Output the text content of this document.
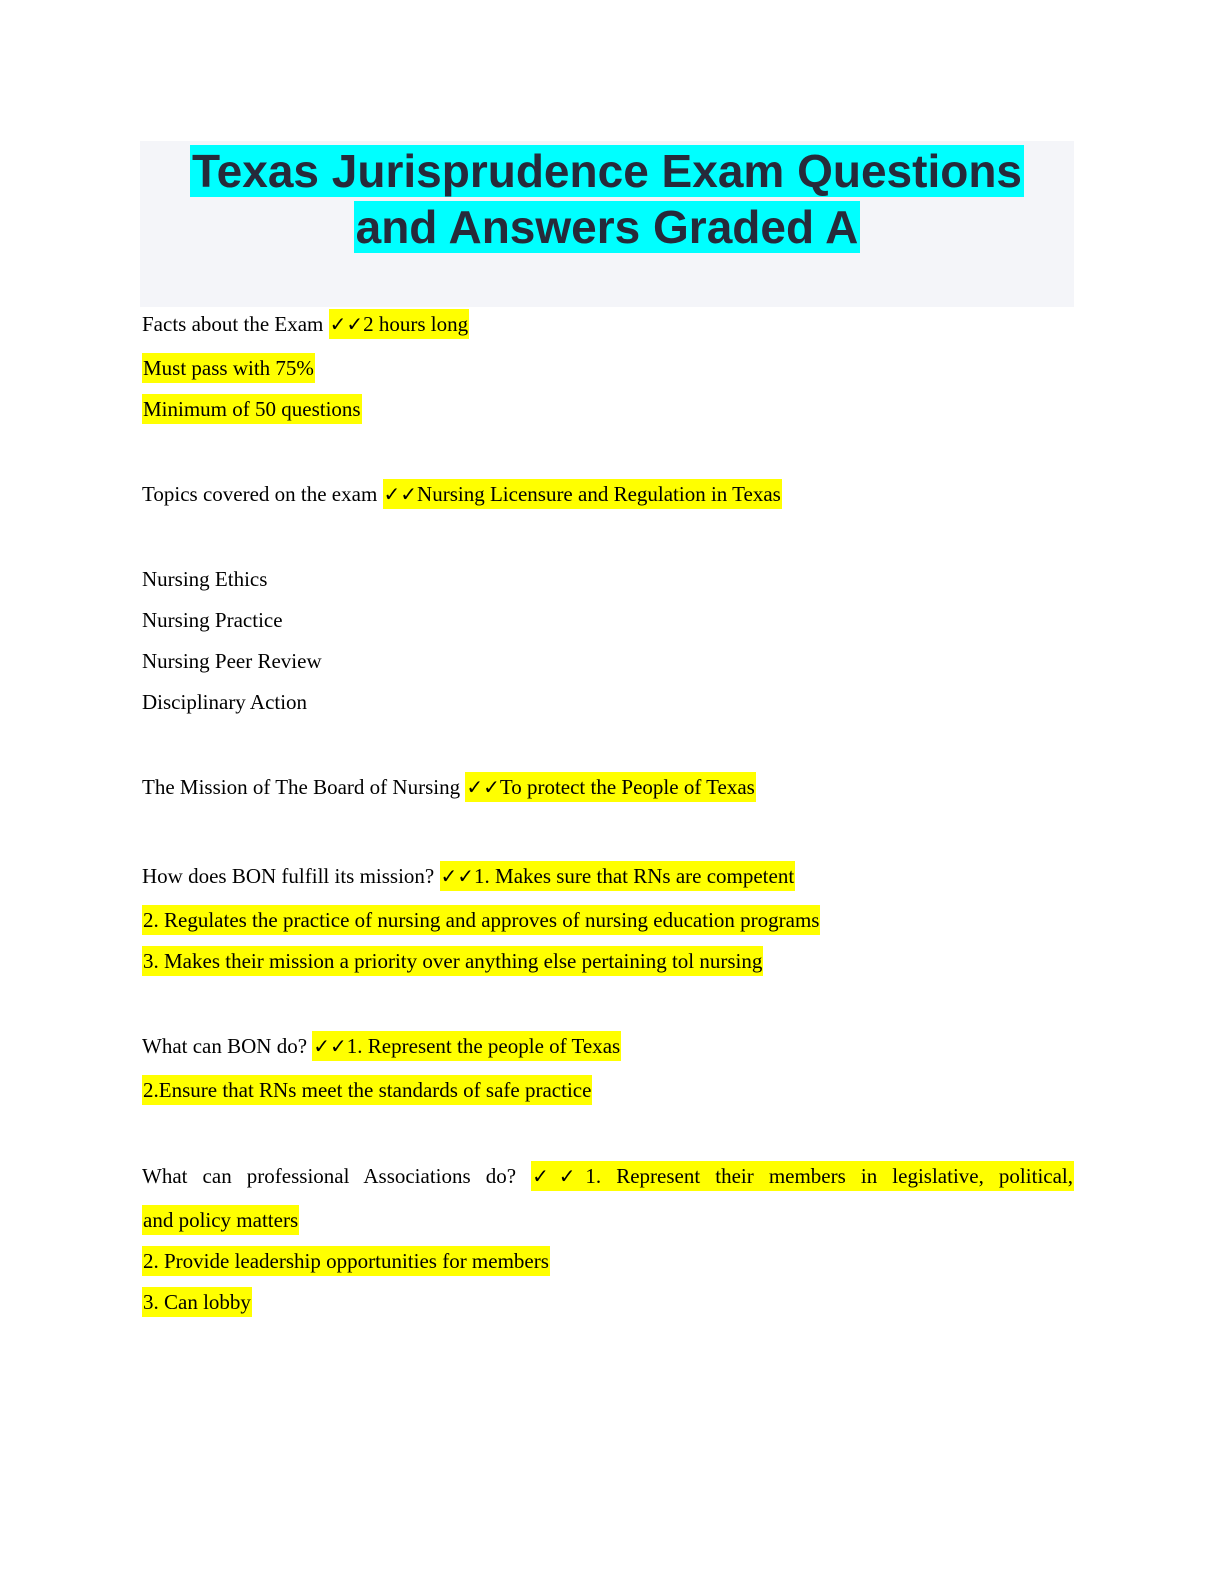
Texas Jurisprudence Exam Questions
and Answers Graded A
Facts about the Exam ✓✓2 hours long
Must pass with 75%
Minimum of 50 questions
Topics covered on the exam ✓✓Nursing Licensure and Regulation in Texas
Nursing Ethics
Nursing Practice
Nursing Peer Review
Disciplinary Action
The Mission of The Board of Nursing ✓✓To protect the People of Texas
How does BON fulfill its mission? ✓✓1. Makes sure that RNs are competent
2. Regulates the practice of nursing and approves of nursing education programs
3. Makes their mission a priority over anything else pertaining tol nursing
What can BON do? ✓✓1. Represent the people of Texas
2.Ensure that RNs meet the standards of safe practice
What can professional Associations do? ✓✓1. Represent their members in legislative, political,
and policy matters
2. Provide leadership opportunities for members
3. Can lobby
